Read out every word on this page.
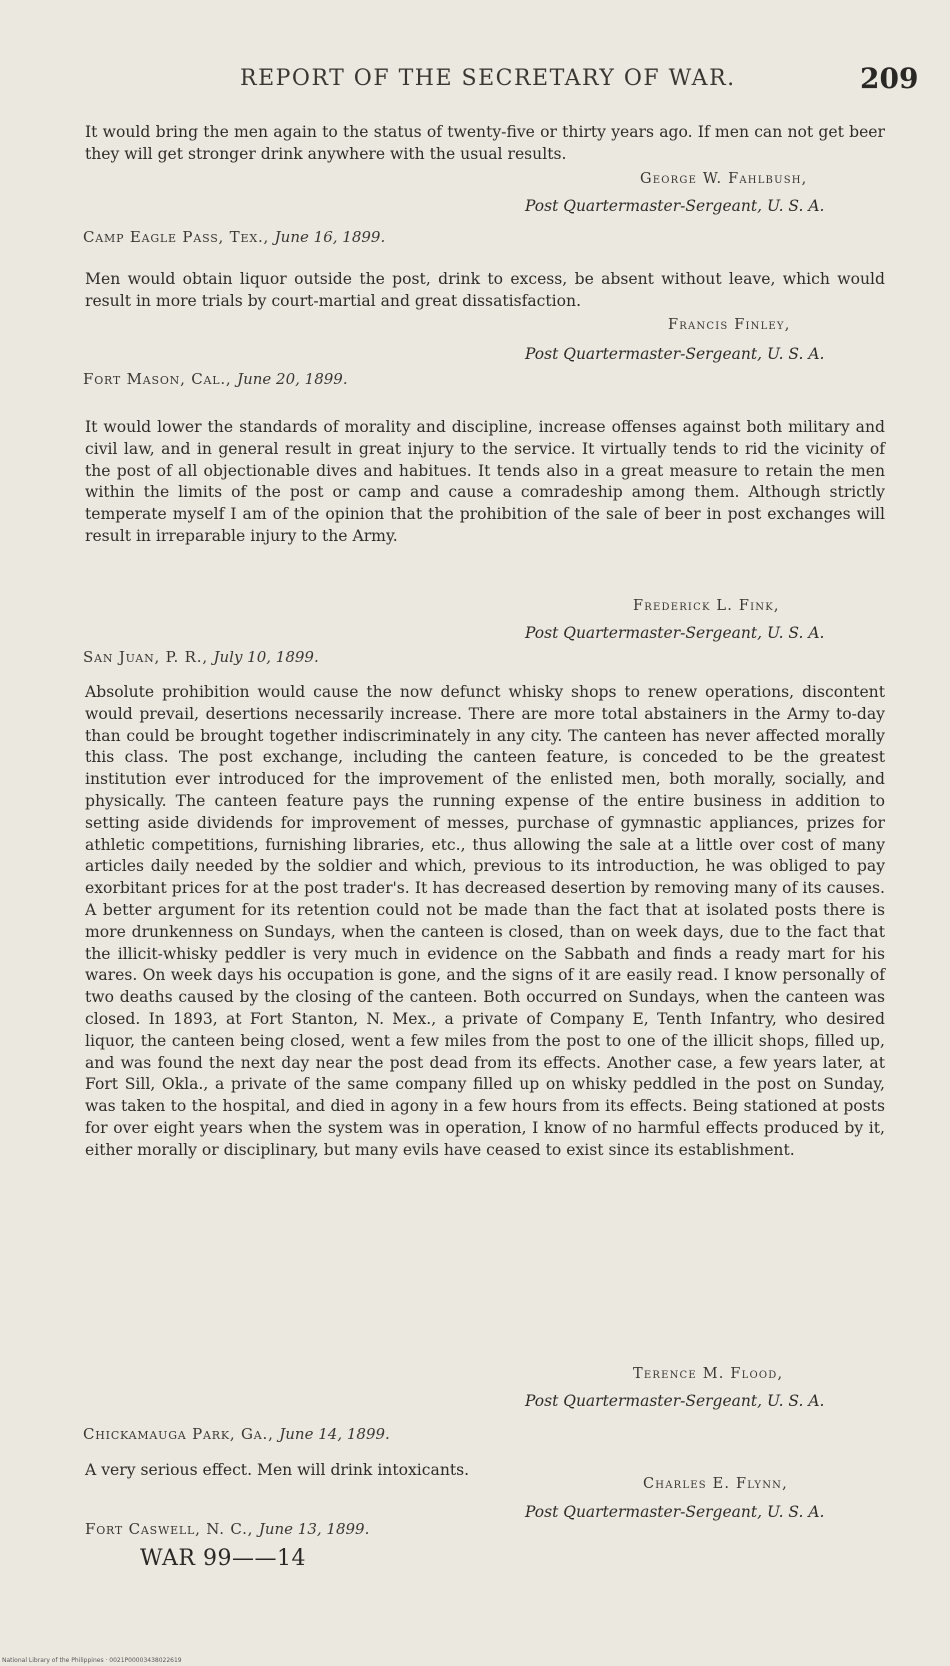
REPORT OF THE SECRETARY OF WAR.	209
It would bring the men again to the status of twenty-five or thirty years ago. If men can not get beer they will get stronger drink anywhere with the usual results.
George W. Fahlbush,
Post Quartermaster-Sergeant, U. S. A.
Camp Eagle Pass, Tex., June 16, 1899.
Men would obtain liquor outside the post, drink to excess, be absent without leave, which would result in more trials by court-martial and great dissatisfaction.
Francis Finley,
Post Quartermaster-Sergeant, U. S. A.
Fort Mason, Cal., June 20, 1899.
It would lower the standards of morality and discipline, increase offenses against both military and civil law, and in general result in great injury to the service. It virtually tends to rid the vicinity of the post of all objectionable dives and habitues. It tends also in a great measure to retain the men within the limits of the post or camp and cause a comradeship among them. Although strictly temperate myself I am of the opinion that the prohibition of the sale of beer in post exchanges will result in irreparable injury to the Army.
Frederick L. Fink,
Post Quartermaster-Sergeant, U. S. A.
San Juan, P. R., July 10, 1899.
Absolute prohibition would cause the now defunct whisky shops to renew operations, discontent would prevail, desertions necessarily increase. There are more total abstainers in the Army to-day than could be brought together indiscriminately in any city. The canteen has never affected morally this class. The post exchange, including the canteen feature, is conceded to be the greatest institution ever introduced for the improvement of the enlisted men, both morally, socially, and physically. The canteen feature pays the running expense of the entire business in addition to setting aside dividends for improvement of messes, purchase of gymnastic appliances, prizes for athletic competitions, furnishing libraries, etc., thus allowing the sale at a little over cost of many articles daily needed by the soldier and which, previous to its introduction, he was obliged to pay exorbitant prices for at the post trader's. It has decreased desertion by removing many of its causes. A better argument for its retention could not be made than the fact that at isolated posts there is more drunkenness on Sundays, when the canteen is closed, than on week days, due to the fact that the illicit-whisky peddler is very much in evidence on the Sabbath and finds a ready mart for his wares. On week days his occupation is gone, and the signs of it are easily read. I know personally of two deaths caused by the closing of the canteen. Both occurred on Sundays, when the canteen was closed. In 1893, at Fort Stanton, N. Mex., a private of Company E, Tenth Infantry, who desired liquor, the canteen being closed, went a few miles from the post to one of the illicit shops, filled up, and was found the next day near the post dead from its effects. Another case, a few years later, at Fort Sill, Okla., a private of the same company filled up on whisky peddled in the post on Sunday, was taken to the hospital, and died in agony in a few hours from its effects. Being stationed at posts for over eight years when the system was in operation, I know of no harmful effects produced by it, either morally or disciplinary, but many evils have ceased to exist since its establishment.
Terence M. Flood,
Post Quartermaster-Sergeant, U. S. A.
Chickamauga Park, Ga., June 14, 1899.
A very serious effect. Men will drink intoxicants.
Charles E. Flynn,
Post Quartermaster-Sergeant, U. S. A.
Fort Caswell, N. C., June 13, 1899.
WAR 99——14
National Library of the Philippines · 0021P00003438022619
